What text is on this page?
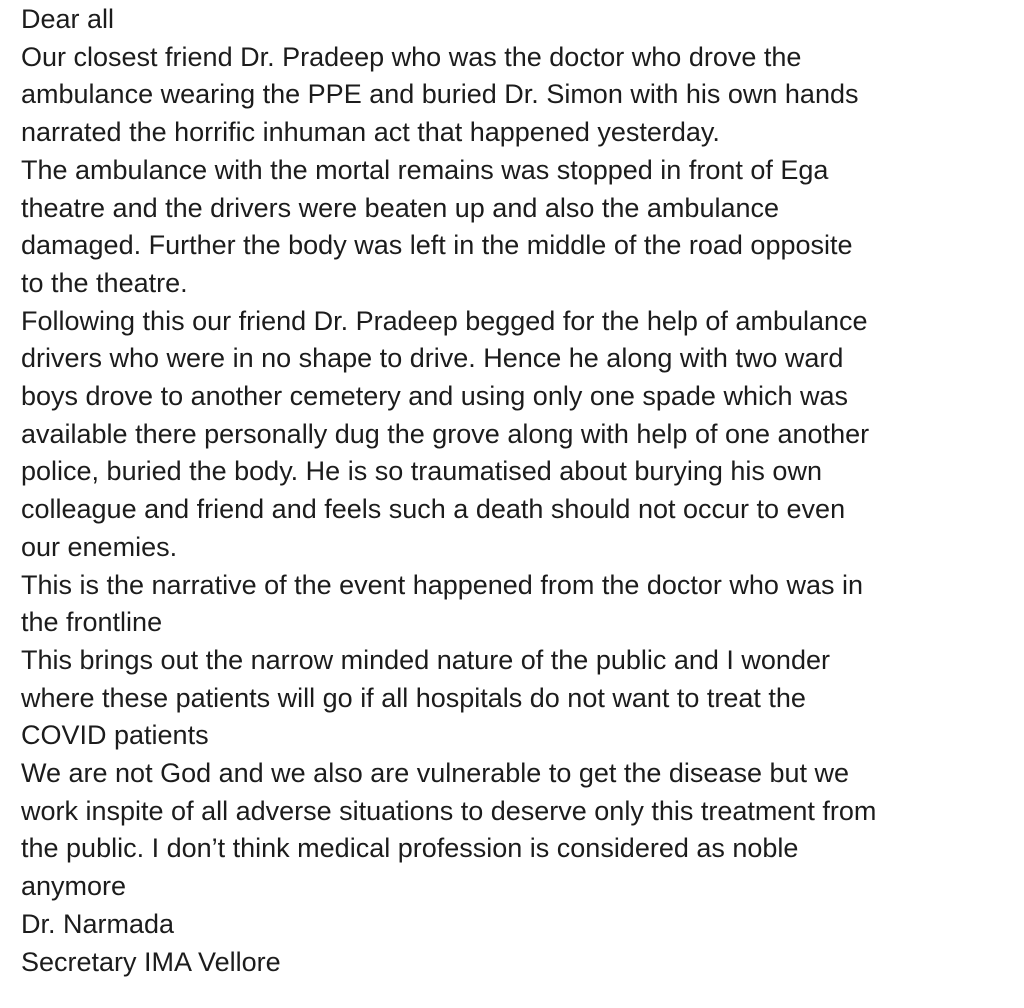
Dear all
Our closest friend Dr. Pradeep who was the doctor who drove the
ambulance wearing the PPE and buried Dr. Simon with his own hands
narrated the horrific inhuman act that happened yesterday.
The ambulance with the mortal remains was stopped in front of Ega
theatre and the drivers were beaten up and also the ambulance
damaged. Further the body was left in the middle of the road opposite
to the theatre.
Following this our friend Dr. Pradeep begged for the help of ambulance
drivers who were in no shape to drive. Hence he along with two ward
boys drove to another cemetery and using only one spade which was
available there personally dug the grove along with help of one another
police, buried the body. He is so traumatised about burying his own
colleague and friend and feels such a death should not occur to even
our enemies.
This is the narrative of the event happened from the doctor who was in
the frontline
This brings out the narrow minded nature of the public and I wonder
where these patients will go if all hospitals do not want to treat the
COVID patients
We are not God and we also are vulnerable to get the disease but we
work inspite of all adverse situations to deserve only this treatment from
the public. I don’t think medical profession is considered as noble
anymore
Dr. Narmada
Secretary IMA Vellore
